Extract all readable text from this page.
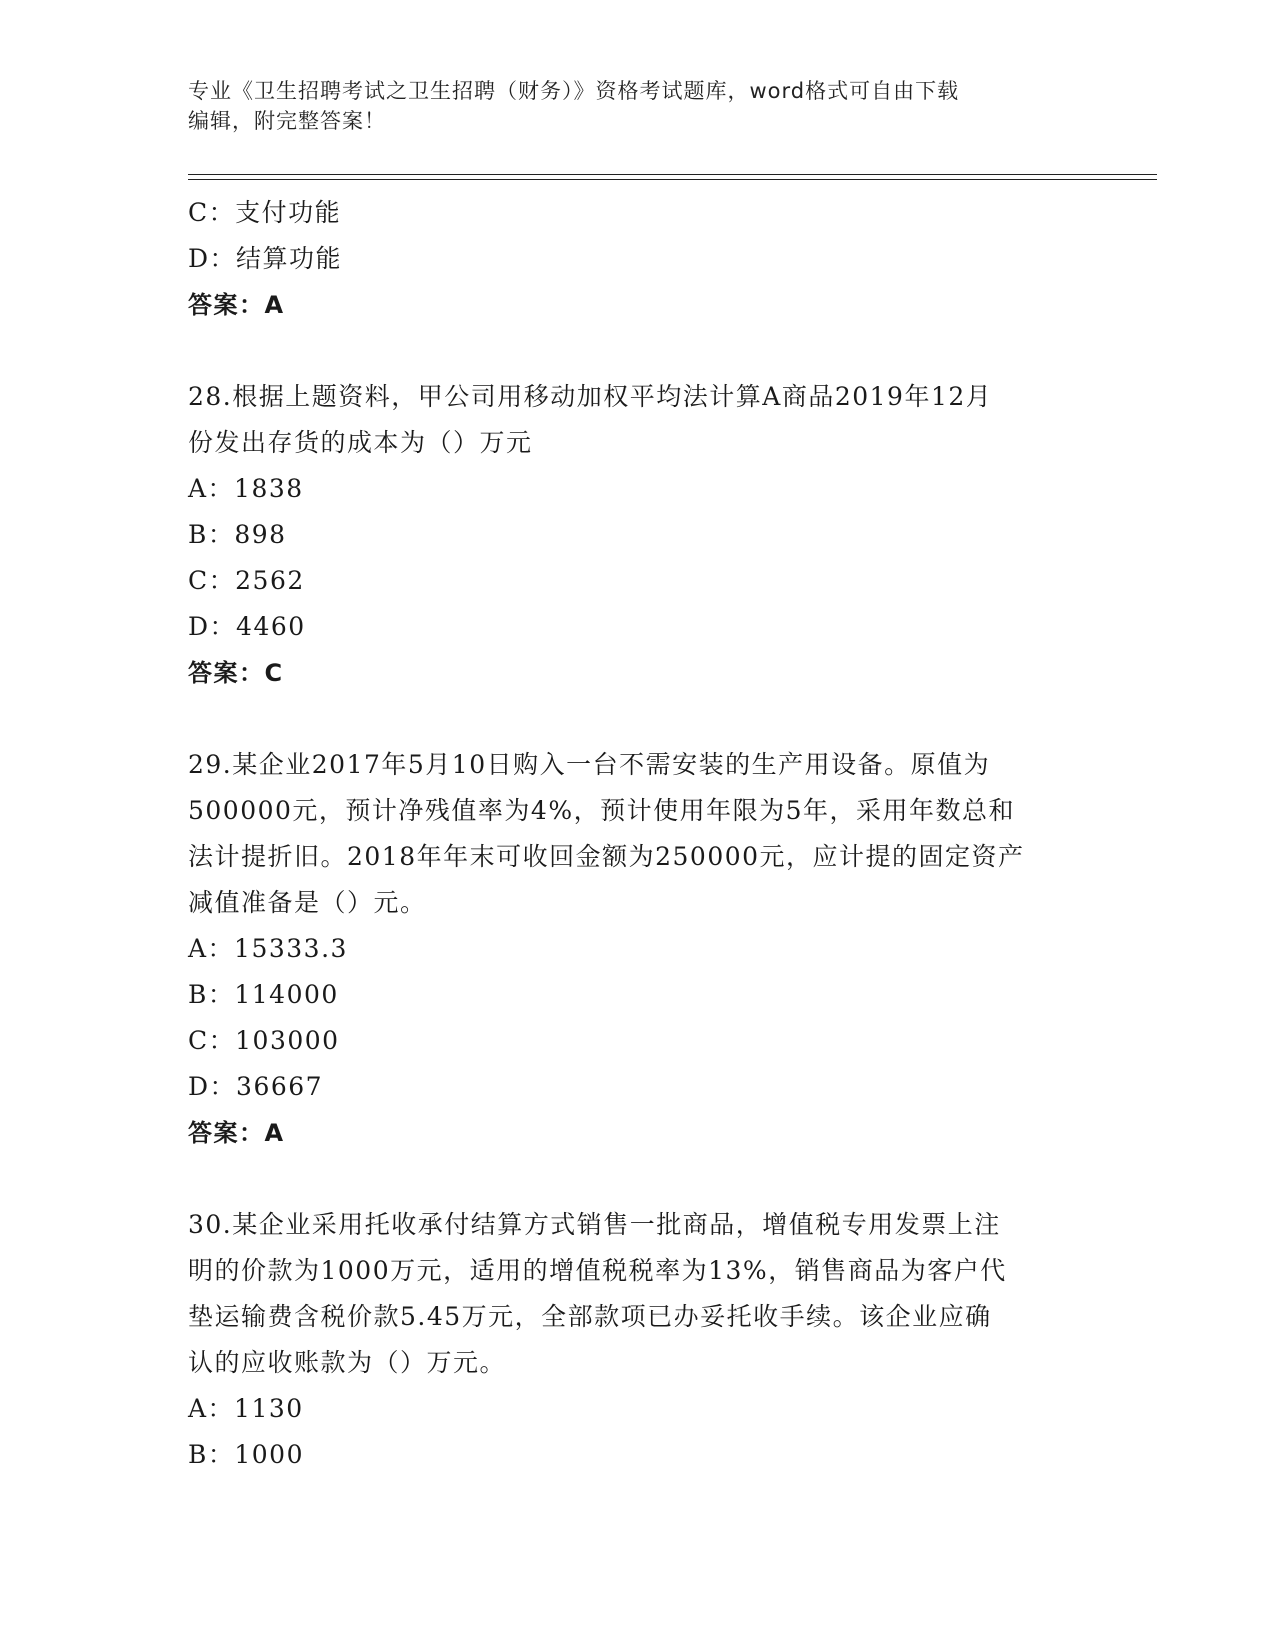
专业《卫生招聘考试之卫生招聘（财务）》资格考试题库，word格式可自由下载
编辑，附完整答案！
C：支付功能
D：结算功能
答案：A
28.根据上题资料，甲公司用移动加权平均法计算A商品2019年12月
份发出存货的成本为（）万元
A：1838
B：898
C：2562
D：4460
答案：C
29.某企业2017年5月10日购入一台不需安装的生产用设备。原值为
500000元，预计净残值率为4%，预计使用年限为5年，采用年数总和
法计提折旧。2018年年末可收回金额为250000元，应计提的固定资产
减值准备是（）元。
A：15333.3
B：114000
C：103000
D：36667
答案：A
30.某企业采用托收承付结算方式销售一批商品，增值税专用发票上注
明的价款为1000万元，适用的增值税税率为13%，销售商品为客户代
垫运输费含税价款5.45万元，全部款项已办妥托收手续。该企业应确
认的应收账款为（）万元。
A：1130
B：1000
